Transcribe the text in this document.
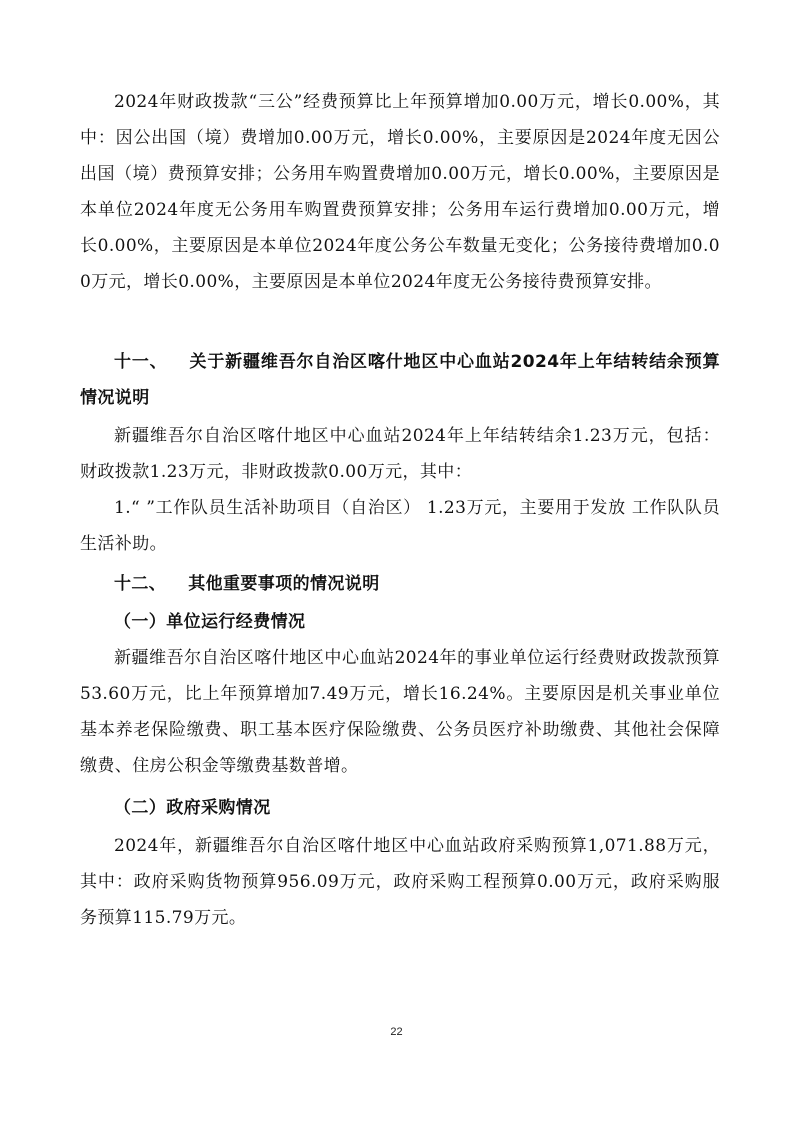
2024年财政拨款“三公”经费预算比上年预算增加0.00万元，增长0.00%，其中：因公出国（境）费增加0.00万元，增长0.00%，主要原因是2024年度无因公出国（境）费预算安排；公务用车购置费增加0.00万元，增长0.00%，主要原因是本单位2024年度无公务用车购置费预算安排；公务用车运行费增加0.00万元，增长0.00%，主要原因是本单位2024年度公务公车数量无变化；公务接待费增加0.00万元，增长0.00%，主要原因是本单位2024年度无公务接待费预算安排。

十一、 关于新疆维吾尔自治区喀什地区中心血站2024年上年结转结余预算情况说明

新疆维吾尔自治区喀什地区中心血站2024年上年结转结余1.23万元，包括：财政拨款1.23万元，非财政拨款0.00万元，其中：

1.“ ”工作队员生活补助项目（自治区） 1.23万元，主要用于发放 工作队队员生活补助。

十二、 其他重要事项的情况说明

（一）单位运行经费情况

新疆维吾尔自治区喀什地区中心血站2024年的事业单位运行经费财政拨款预算53.60万元，比上年预算增加7.49万元，增长16.24%。主要原因是机关事业单位基本养老保险缴费、职工基本医疗保险缴费、公务员医疗补助缴费、其他社会保障缴费、住房公积金等缴费基数普增。

（二）政府采购情况

2024年，新疆维吾尔自治区喀什地区中心血站政府采购预算1,071.88万元，其中：政府采购货物预算956.09万元，政府采购工程预算0.00万元，政府采购服务预算115.79万元。

22
